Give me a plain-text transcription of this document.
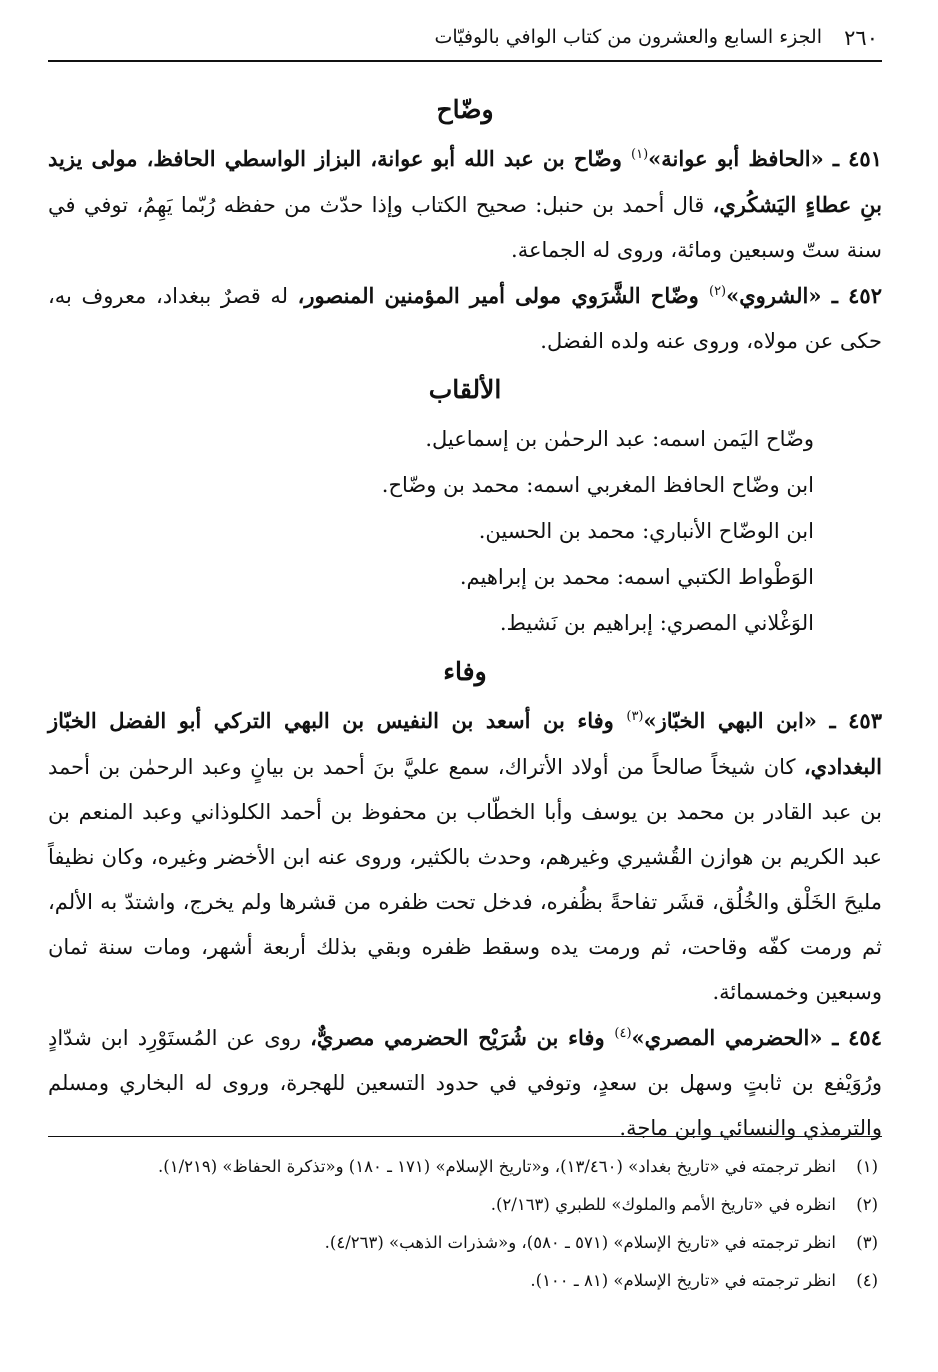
٢٦٠
الجزء السابع والعشرون من كتاب الوافي بالوفيّات
وضّاح

٤٥١ ـ «الحافظ أبو عوانة»$^{(١)}$ وضّاح بن عبد الله أبو عوانة، البزاز الواسطي الحافظ، مولى يزيد بنِ عطاءٍ اليَشكُري، قال أحمد بن حنبل: صحيح الكتاب وإذا حدّث من حفظه رُبّما يَهِمُ، توفي في سنة ستّ وسبعين ومائة، وروى له الجماعة.

٤٥٢ ـ «الشروي»$^{(٢)}$ وضّاح الشَّرَوي مولى أمير المؤمنين المنصور، له قصرٌ ببغداد، معروف به، حكى عن مولاه، وروى عنه ولده الفضل.

الألقاب

وضّاح اليَمن اسمه: عبد الرحمٰن بن إسماعيل.

ابن وضّاح الحافظ المغربي اسمه: محمد بن وضّاح.

ابن الوضّاح الأنباري: محمد بن الحسين.

الوَطْواط الكتبي اسمه: محمد بن إبراهيم.

الوَغْلاني المصري: إبراهيم بن نَشيط.

وفاء

٤٥٣ ـ «ابن البهي الخبّاز»$^{(٣)}$ وفاء بن أسعد بن النفيس بن البهي التركي أبو الفضل الخبّاز البغدادي، كان شيخاً صالحاً من أولاد الأتراك، سمع عليَّ بنَ أحمد بن بيانٍ وعبد الرحمٰن بن أحمد بن عبد القادر بن محمد بن يوسف وأبا الخطّاب بن محفوظ بن أحمد الكلوذاني وعبد المنعم بن عبد الكريم بن هوازن القُشيري وغيرهم، وحدث بالكثير، وروى عنه ابن الأخضر وغيره، وكان نظيفاً مليحَ الخَلْق والخُلُق، قشَر تفاحةً بظُفره، فدخل تحت ظفره من قشرها ولم يخرج، واشتدّ به الألم، ثم ورمت كفّه وقاحت، ثم ورمت يده وسقط ظفره وبقي بذلك أربعة أشهر، ومات سنة ثمان وسبعين وخمسمائة.

٤٥٤ ـ «الحضرمي المصري»$^{(٤)}$ وفاء بن شُرَيْح الحضرمي مصريٌّ، روى عن المُستَوْرِد ابن شدّادٍ ورُوَيْفع بن ثابتٍ وسهل بن سعدٍ، وتوفي في حدود التسعين للهجرة، وروى له البخاري ومسلم والترمذي والنسائي وابن ماجة.

(١)انظر ترجمته في «تاريخ بغداد» (١٣/٤٦٠)، و«تاريخ الإسلام» (١٧١ ـ ١٨٠) و«تذكرة الحفاظ» (١/٢١٩).

(٢)انظره في «تاريخ الأمم والملوك» للطبري (٢/١٦٣).

(٣)انظر ترجمته في «تاريخ الإسلام» (٥٧١ ـ ٥٨٠)، و«شذرات الذهب» (٤/٢٦٣).

(٤)انظر ترجمته في «تاريخ الإسلام» (٨١ ـ ١٠٠).
